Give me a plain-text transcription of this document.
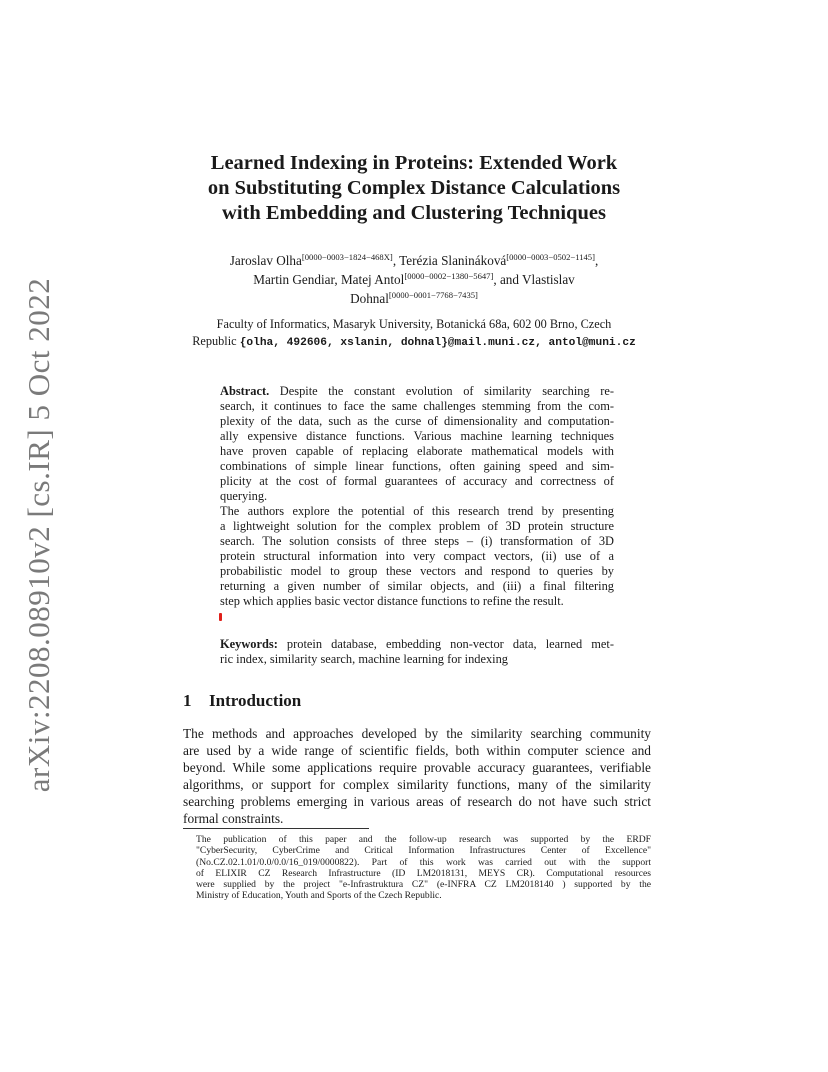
arXiv:2208.08910v2 [cs.IR] 5 Oct 2022
Learned Indexing in Proteins: Extended Work
on Substituting Complex Distance Calculations
with Embedding and Clustering Techniques
Jaroslav Olha[0000−0003−1824−468X], Terézia Slanináková[0000−0003−0502−1145],
Martin Gendiar, Matej Antol[0000−0002−1380−5647], and Vlastislav
Dohnal[0000−0001−7768−7435]
Faculty of Informatics, Masaryk University, Botanická 68a, 602 00 Brno, Czech
Republic {olha, 492606, xslanin, dohnal}@mail.muni.cz, antol@muni.cz
Abstract. Despite the constant evolution of similarity searching re-
search, it continues to face the same challenges stemming from the com-
plexity of the data, such as the curse of dimensionality and computation-
ally expensive distance functions. Various machine learning techniques
have proven capable of replacing elaborate mathematical models with
combinations of simple linear functions, often gaining speed and sim-
plicity at the cost of formal guarantees of accuracy and correctness of
querying.
The authors explore the potential of this research trend by presenting
a lightweight solution for the complex problem of 3D protein structure
search. The solution consists of three steps – (i) transformation of 3D
protein structural information into very compact vectors, (ii) use of a
probabilistic model to group these vectors and respond to queries by
returning a given number of similar objects, and (iii) a final filtering
step which applies basic vector distance functions to refine the result.
Keywords: protein database, embedding non-vector data, learned met-
ric index, similarity search, machine learning for indexing
1 Introduction
The methods and approaches developed by the similarity searching community
are used by a wide range of scientific fields, both within computer science and
beyond. While some applications require provable accuracy guarantees, verifiable
algorithms, or support for complex similarity functions, many of the similarity
searching problems emerging in various areas of research do not have such strict
formal constraints.
The publication of this paper and the follow-up research was supported by the ERDF
"CyberSecurity, CyberCrime and Critical Information Infrastructures Center of Excellence"
(No.CZ.02.1.01/0.0/0.0/16_019/0000822). Part of this work was carried out with the support
of ELIXIR CZ Research Infrastructure (ID LM2018131, MEYS CR). Computational resources
were supplied by the project "e-Infrastruktura CZ" (e-INFRA CZ LM2018140 ) supported by the
Ministry of Education, Youth and Sports of the Czech Republic.
